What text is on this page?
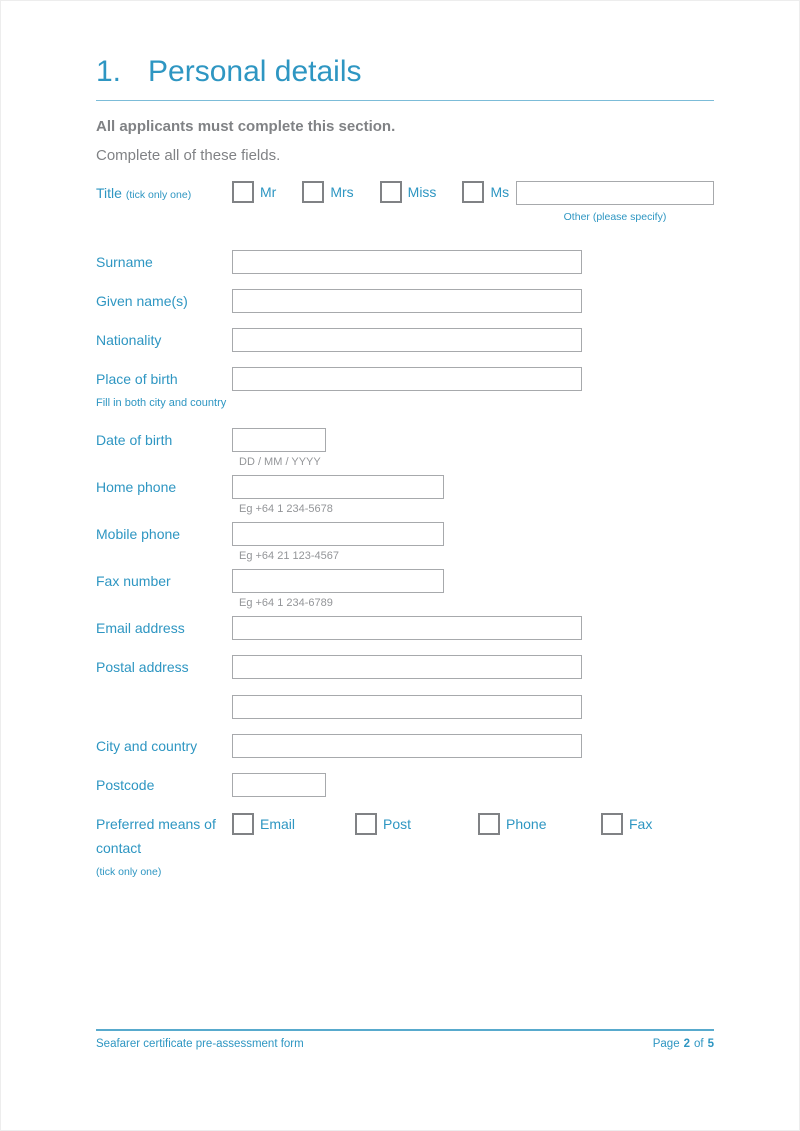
1. Personal details

All applicants must complete this section.

Complete all of these fields.

Title (tick only one)	Mr	Mrs	Miss	Ms
Other (please specify)
Surname
Given name(s)
Nationality
Place of birth
Fill in both city and country
Date of birth
DD / MM / YYYY
Home phone
Eg +64 1 234-5678
Mobile phone
Eg +64 21 123-4567
Fax number
Eg +64 1 234-6789
Email address
Postal address
City and country
Postcode
Preferred means of contact
(tick only one)
Email	Post	Phone	Fax
Seafarer certificate pre-assessment form	Page 2 of 5
